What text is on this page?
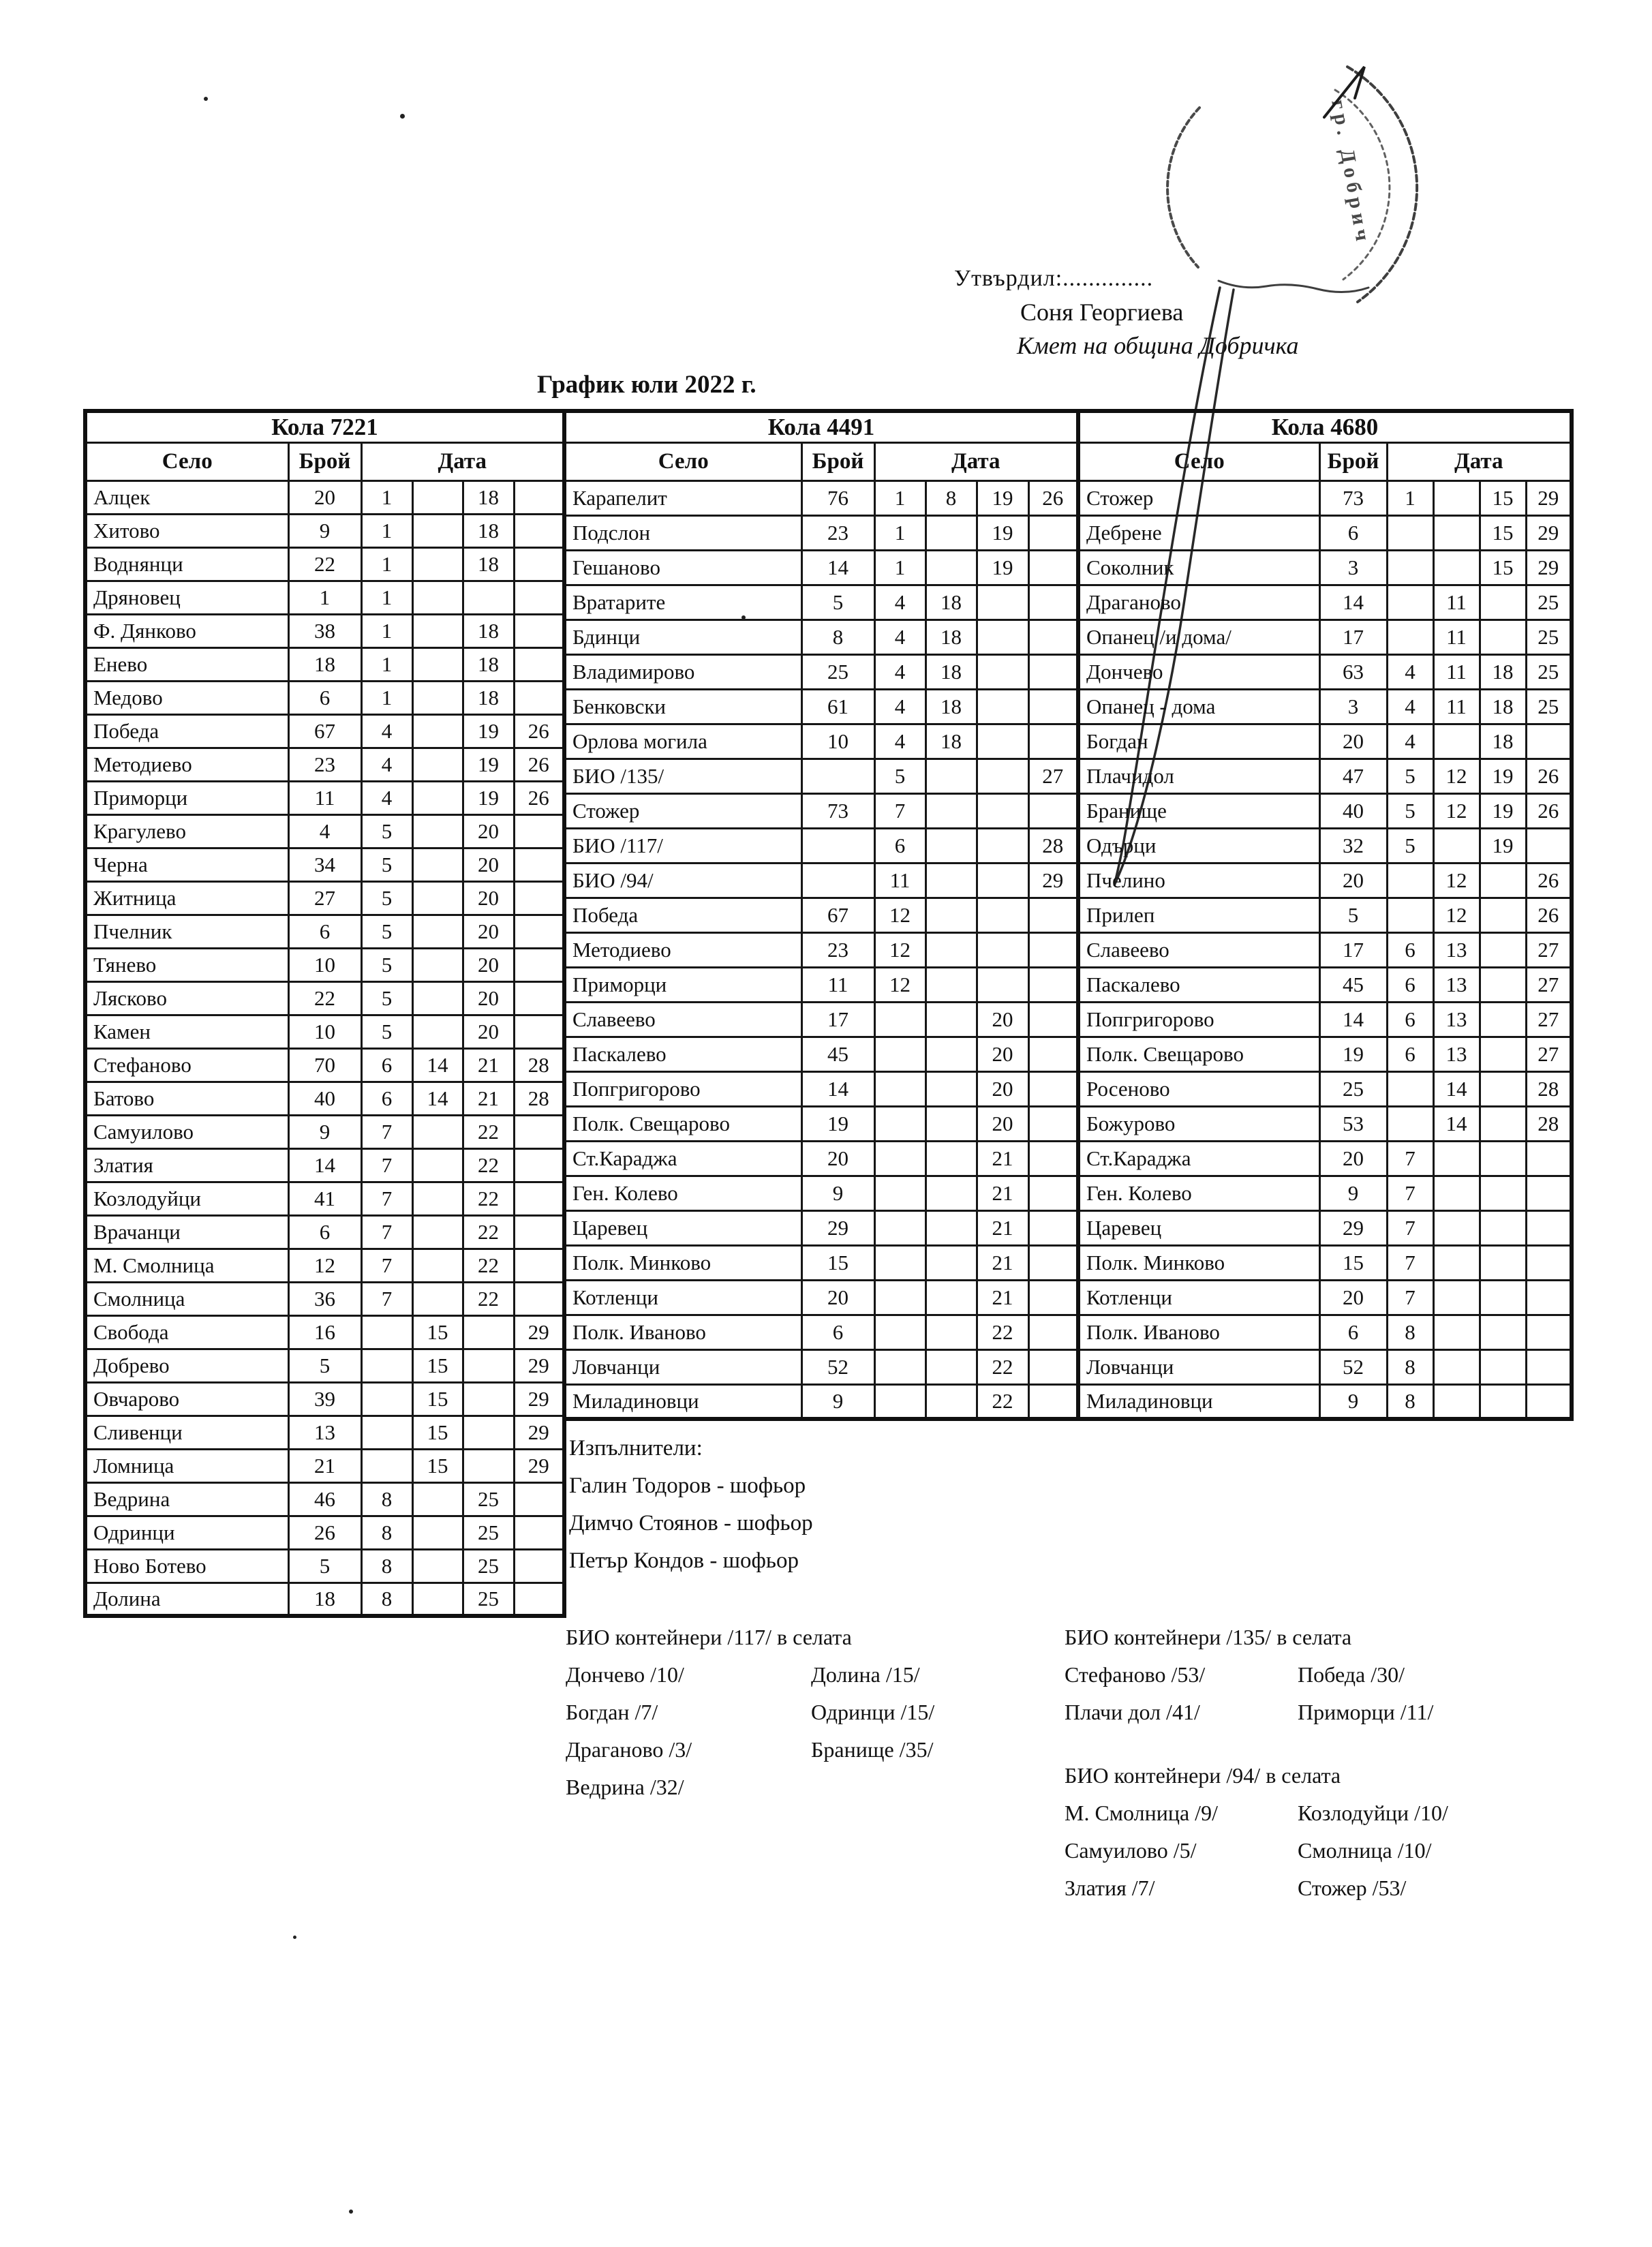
Утвърдил:..............
Соня Георгиева
Кмет на община Добричка
График юли 2022 г.
гр. Добрич
Кола 7221					
Село	Брой	Дата			
Алцек	20	1		18	
Хитово	9	1		18	
Воднянци	22	1		18	
Дряновец	1	1			
Ф. Дянково	38	1		18	
Енево	18	1		18	
Медово	6	1		18	
Победа	67	4		19	26
Методиево	23	4		19	26
Приморци	11	4		19	26
Крагулево	4	5		20	
Черна	34	5		20	
Житница	27	5		20	
Пчелник	6	5		20	
Тянево	10	5		20	
Лясково	22	5		20	
Камен	10	5		20	
Стефаново	70	6	14	21	28
Батово	40	6	14	21	28
Самуилово	9	7		22	
Златия	14	7		22	
Козлодуйци	41	7		22	
Врачанци	6	7		22	
М. Смолница	12	7		22	
Смолница	36	7		22	
Свобода	16		15		29
Добрево	5		15		29
Овчарово	39		15		29
Сливенци	13		15		29
Ломница	21		15		29
Ведрина	46	8		25	
Одринци	26	8		25	
Ново Ботево	5	8		25	
Долина	18	8		25	
Кола 4491					
Село	Брой	Дата			
Карапелит	76	1	8	19	26
Подслон	23	1		19	
Гешаново	14	1		19	
Вратарите	5	4	18		
Бдинци	8	4	18		
Владимирово	25	4	18		
Бенковски	61	4	18		
Орлова могила	10	4	18		
БИО /135/		5			27
Стожер	73	7			
БИО /117/		6			28
БИО /94/		11			29
Победа	67	12			
Методиево	23	12			
Приморци	11	12			
Славеево	17			20	
Паскалево	45			20	
Попгригорово	14			20	
Полк. Свещарово	19			20	
Ст.Караджа	20			21	
Ген. Колево	9			21	
Царевец	29			21	
Полк. Минково	15			21	
Котленци	20			21	
Полк. Иваново	6			22	
Ловчанци	52			22	
Миладиновци	9			22	
Кола 4680					
Село	Брой	Дата			
Стожер	73	1		15	29
Дебрене	6			15	29
Соколник	3			15	29
Драганово	14		11		25
Опанец /и дома/	17		11		25
Дончево	63	4	11	18	25
Опанец - дома	3	4	11	18	25
Богдан	20	4		18	
Плачидол	47	5	12	19	26
Бранище	40	5	12	19	26
Одърци	32	5		19	
Пчелино	20		12		26
Прилеп	5		12		26
Славеево	17	6	13		27
Паскалево	45	6	13		27
Попгригорово	14	6	13		27
Полк. Свещарово	19	6	13		27
Росеново	25		14		28
Божурово	53		14		28
Ст.Караджа	20	7			
Ген. Колево	9	7			
Царевец	29	7			
Полк. Минково	15	7			
Котленци	20	7			
Полк. Иваново	6	8			
Ловчанци	52	8			
Миладиновци	9	8			
Изпълнители:
Галин Тодоров - шофьор
Димчо Стоянов - шофьор
Петър Кондов - шофьор
БИО контейнери /117/ в селата
Дончево /10/
Богдан /7/
Драганово /3/
Ведрина /32/
Долина /15/
Одринци /15/
Бранище /35/
БИО контейнери /135/ в селата
Стефаново /53/
Плачи дол /41/
Победа /30/
Приморци /11/
БИО контейнери /94/ в селата
М. Смолница /9/
Самуилово /5/
Златия /7/
Козлодуйци /10/
Смолница /10/
Стожер /53/
